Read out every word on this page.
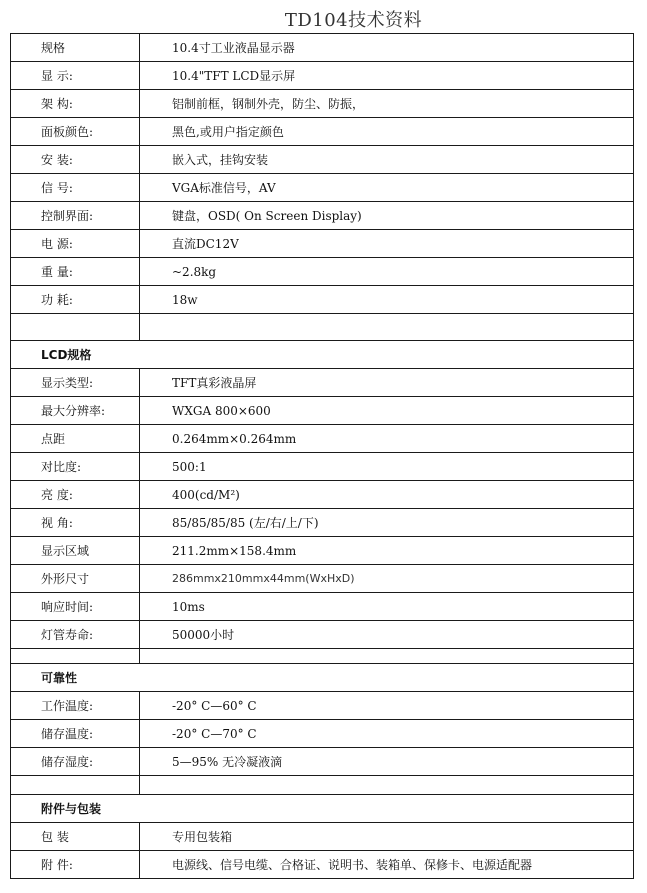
TD104技术资料
规格	10.4寸工业液晶显示器
显 示:	10.4"TFT LCD显示屏
架 构:	铝制前框，钢制外壳，防尘、防振，
面板颜色:	黑色,或用户指定颜色
安 装:	嵌入式，挂钩安装
信 号:	VGA标准信号，AV
控制界面:	键盘，OSD( On Screen Display)
电 源:	直流DC12V
重 量:	~2.8kg
功 耗:	18w

LCD规格	
显示类型:	TFT真彩液晶屏
最大分辨率:	WXGA 800×600
点距	0.264mm×0.264mm
对比度:	500:1
亮 度:	400(cd/M²)
视 角:	85/85/85/85 (左/右/上/下)
显示区域	211.2mm×158.4mm
外形尺寸	286mmx210mmx44mm(WxHxD)
响应时间:	10ms
灯管寿命:	50000小时

可靠性	
工作温度:	-20° C—60° C
储存温度:	-20° C—70° C
储存湿度:	5—95% 无冷凝液滴

附件与包装	
包 装	专用包装箱
附 件:	电源线、信号电缆、合格证、说明书、装箱单、保修卡、电源适配器
